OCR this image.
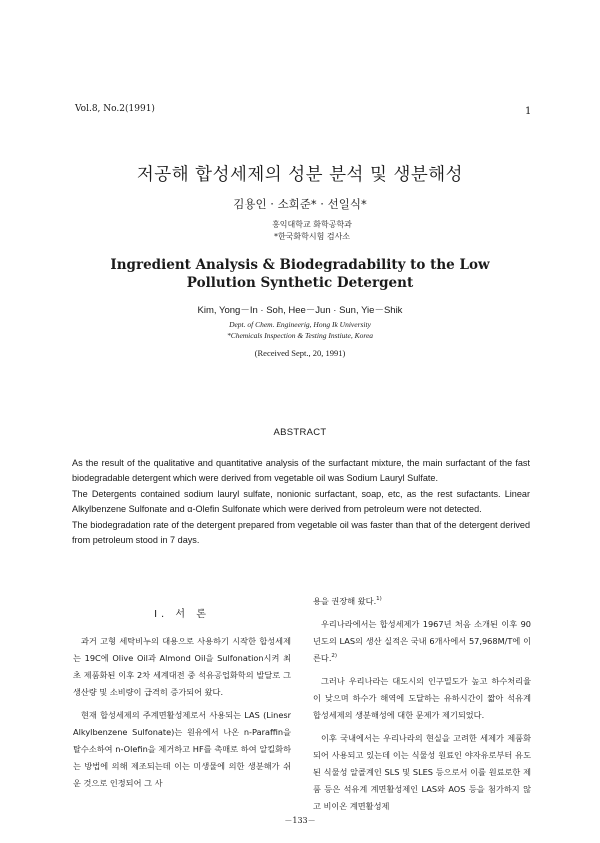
Vol.8, No.2(1991)	1
저공해 합성세제의 성분 분석 및 생분해성
김용인 · 소희준* · 선일식*
홍익대학교 화학공학과
*한국화학시험 검사소
Ingredient Analysis & Biodegradability to the Low
Pollution Synthetic Detergent
Kim, Yong－In · Soh, Hee－Jun · Sun, Yie－Shik
Dept. of Chem. Engineerig, Hong Ik University
*Chemicals Inspection & Testing Instiute, Korea
(Received Sept., 20, 1991)
ABSTRACT

As the result of the qualitative and quantitative analysis of the surfactant mixture, the main surfactant of the fast biodegradable detergent which were derived from vegetable oil was Sodium Lauryl Sulfate.

The Detergents contained sodium lauryl sulfate, nonionic surfactant, soap, etc, as the rest sufactants. Linear Alkylbenzene Sulfonate and α-Olefin Sulfonate which were derived from petroleum were not detected.

The biodegradation rate of the detergent prepared from vegetable oil was faster than that of the detergent derived from petroleum stood in 7 days.

I. 서 론

과거 고형 세탁비누의 대용으로 사용하기 시작한 합성세제는 19C에 Olive Oil과 Almond Oil을 Sulfonation시켜 최초 제품화된 이후 2차 세계대전 중 석유공업화학의 발달로 그 생산량 및 소비량이 급격히 증가되어 왔다.

현재 합성세제의 주계면활성제로서 사용되는 LAS (Linesr Alkylbenzene Sulfonate)는 원유에서 나온 n-Paraffin을 탈수소하여 n-Olefin을 제거하고 HF를 촉매로 하여 알킬화하는 방법에 의해 제조되는데 이는 미생물에 의한 생분해가 쉬운 것으로 인정되어 그 사

용을 권장해 왔다.$^{1)}$

우리나라에서는 합성세제가 1967년 처음 소개된 이후 90년도의 LAS의 생산 실적은 국내 6개사에서 57,968M/T에 이른다.$^{2)}$

그러나 우리나라는 대도시의 인구밀도가 높고 하수처리율이 낮으며 하수가 해역에 도달하는 유하시간이 짧아 석유계 합성세제의 생분해성에 대한 문제가 제기되었다.

이후 국내에서는 우리나라의 현실을 고려한 세제가 제품화되어 사용되고 있는데 이는 식물성 원료인 야자유로부터 유도된 식물성 알콜계인 SLS 및 SLES 등으로서 이를 원료로한 제품 등은 석유계 계면활성제인 LAS와 AOS 등을 첨가하지 않고 비이온 계면활성제

－133－
